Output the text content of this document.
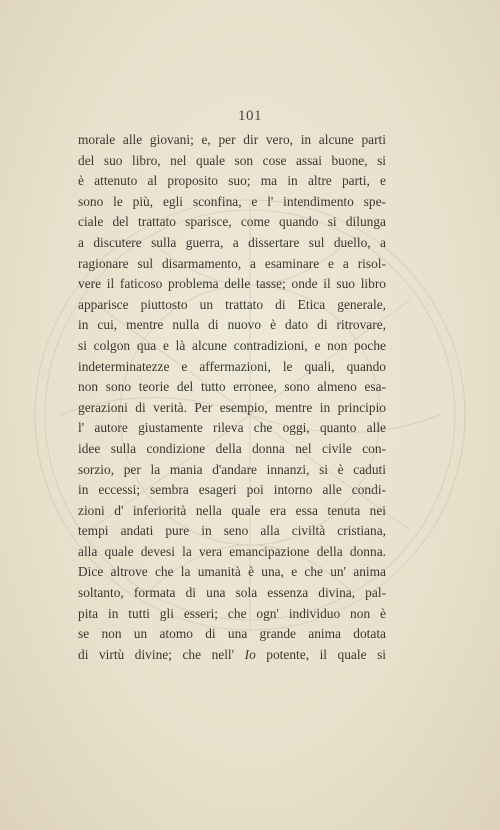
101
morale alle giovani; e, per dir vero, in alcune parti
del suo libro, nel quale son cose assai buone, si
è attenuto al proposito suo; ma in altre parti, e
sono le più, egli sconfina, e l' intendimento spe-
ciale del trattato sparisce, come quando si dilunga
a discutere sulla guerra, a dissertare sul duello, a
ragionare sul disarmamento, a esaminare e a risol-
vere il faticoso problema delle tasse; onde il suo libro
apparisce piuttosto un trattato di Etica generale,
in cui, mentre nulla di nuovo è dato di ritrovare,
si colgon qua e là alcune contradizioni, e non poche
indeterminatezze e affermazioni, le quali, quando
non sono teorie del tutto erronee, sono almeno esa-
gerazioni di verità. Per esempio, mentre in principio
l' autore giustamente rileva che oggi, quanto alle
idee sulla condizione della donna nel civile con-
sorzio, per la mania d'andare innanzi, si è caduti
in eccessi; sembra esageri poi intorno alle condi-
zioni d' inferiorità nella quale era essa tenuta nei
tempi andati pure in seno alla civiltà cristiana,
alla quale devesi la vera emancipazione della donna.
Dice altrove che la umanità è una, e che un' anima
soltanto, formata di una sola essenza divina, pal-
pita in tutti gli esseri; che ogn' individuo non è
se non un atomo di una grande anima dotata
di virtù divine; che nell' Io potente, il quale si
